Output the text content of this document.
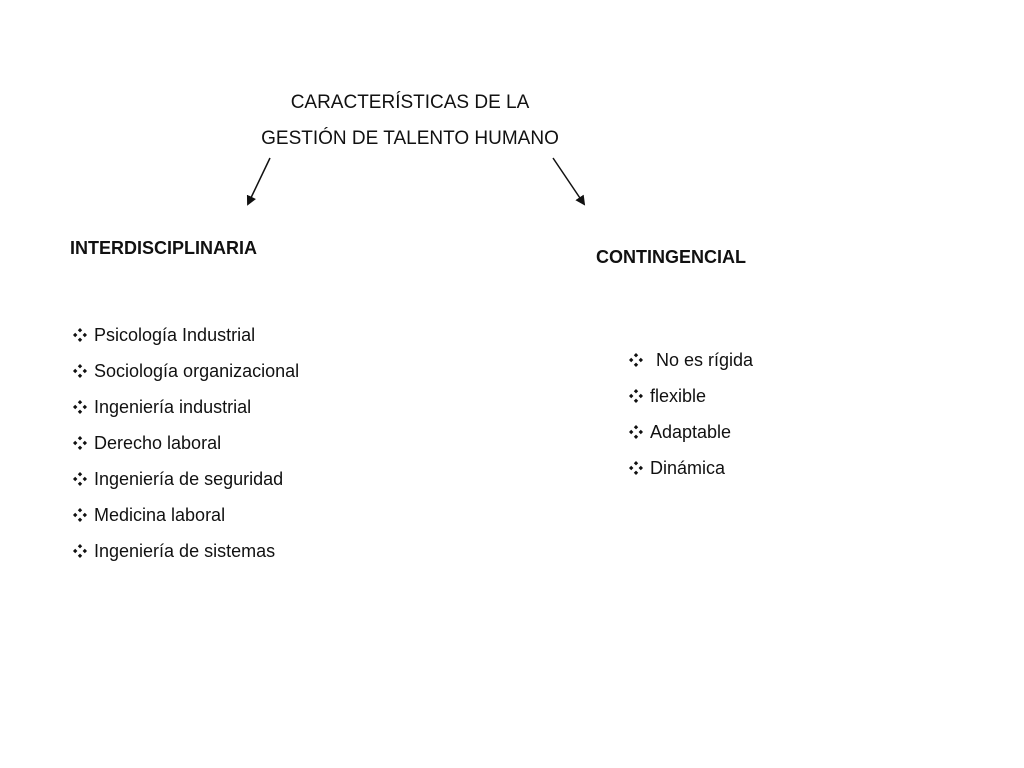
CARACTERÍSTICAS DE LA
GESTIÓN DE TALENTO HUMANO
INTERDISCIPLINARIA	CONTINGENCIAL
Psicología Industrial
Sociología organizacional
Ingeniería industrial
Derecho laboral
Ingeniería de seguridad
Medicina laboral
Ingeniería de sistemas
No es rígida
flexible
Adaptable
Dinámica
